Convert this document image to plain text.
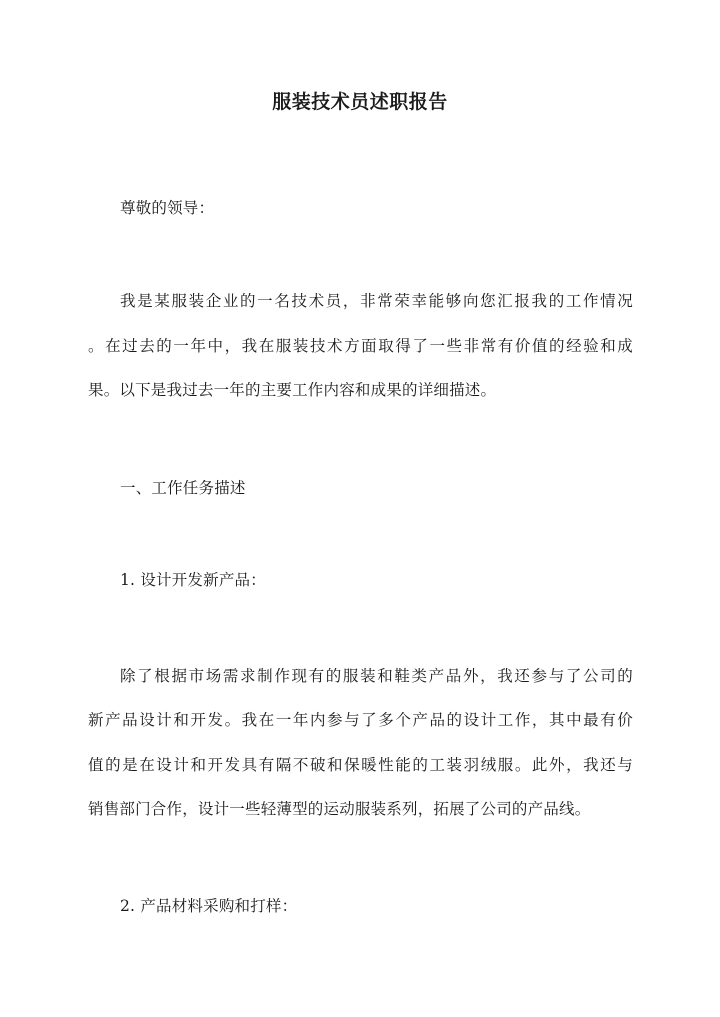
服装技术员述职报告
尊敬的领导：
我是某服装企业的一名技术员，非常荣幸能够向您汇报我的工作情况
。在过去的一年中，我在服装技术方面取得了一些非常有价值的经验和成
果。以下是我过去一年的主要工作内容和成果的详细描述。
一、工作任务描述
1. 设计开发新产品：
除了根据市场需求制作现有的服装和鞋类产品外，我还参与了公司的
新产品设计和开发。我在一年内参与了多个产品的设计工作，其中最有价
值的是在设计和开发具有隔不破和保暖性能的工装羽绒服。此外，我还与
销售部门合作，设计一些轻薄型的运动服装系列，拓展了公司的产品线。
2. 产品材料采购和打样：
